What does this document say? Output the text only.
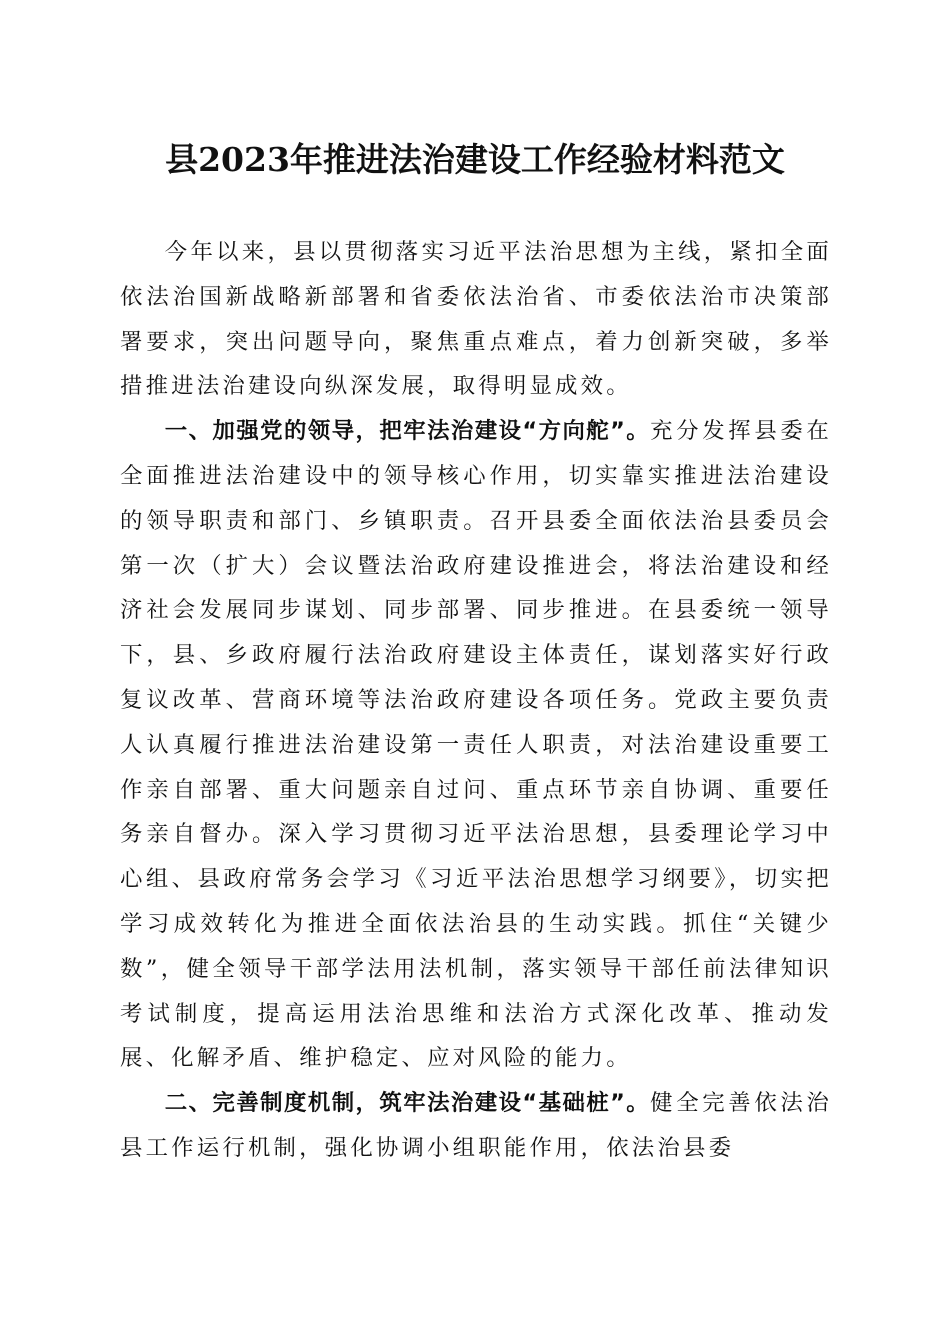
县2023年推进法治建设工作经验材料范文

今年以来，县以贯彻落实习近平法治思想为主线，紧扣全面依法治国新战略新部署和省委依法治省、市委依法治市决策部署要求，突出问题导向，聚焦重点难点，着力创新突破，多举措推进法治建设向纵深发展，取得明显成效。

一、加强党的领导，把牢法治建设“方向舵”。充分发挥县委在全面推进法治建设中的领导核心作用，切实靠实推进法治建设的领导职责和部门、乡镇职责。召开县委全面依法治县委员会第一次（扩大）会议暨法治政府建设推进会，将法治建设和经济社会发展同步谋划、同步部署、同步推进。在县委统一领导下，县、乡政府履行法治政府建设主体责任，谋划落实好行政复议改革、营商环境等法治政府建设各项任务。党政主要负责人认真履行推进法治建设第一责任人职责，对法治建设重要工作亲自部署、重大问题亲自过问、重点环节亲自协调、重要任务亲自督办。深入学习贯彻习近平法治思想，县委理论学习中心组、县政府常务会学习《习近平法治思想学习纲要》，切实把学习成效转化为推进全面依法治县的生动实践。抓住“关键少数”，健全领导干部学法用法机制，落实领导干部任前法律知识考试制度，提高运用法治思维和法治方式深化改革、推动发展、化解矛盾、维护稳定、应对风险的能力。

二、完善制度机制，筑牢法治建设“基础桩”。健全完善依法治县工作运行机制，强化协调小组职能作用，依法治县委
